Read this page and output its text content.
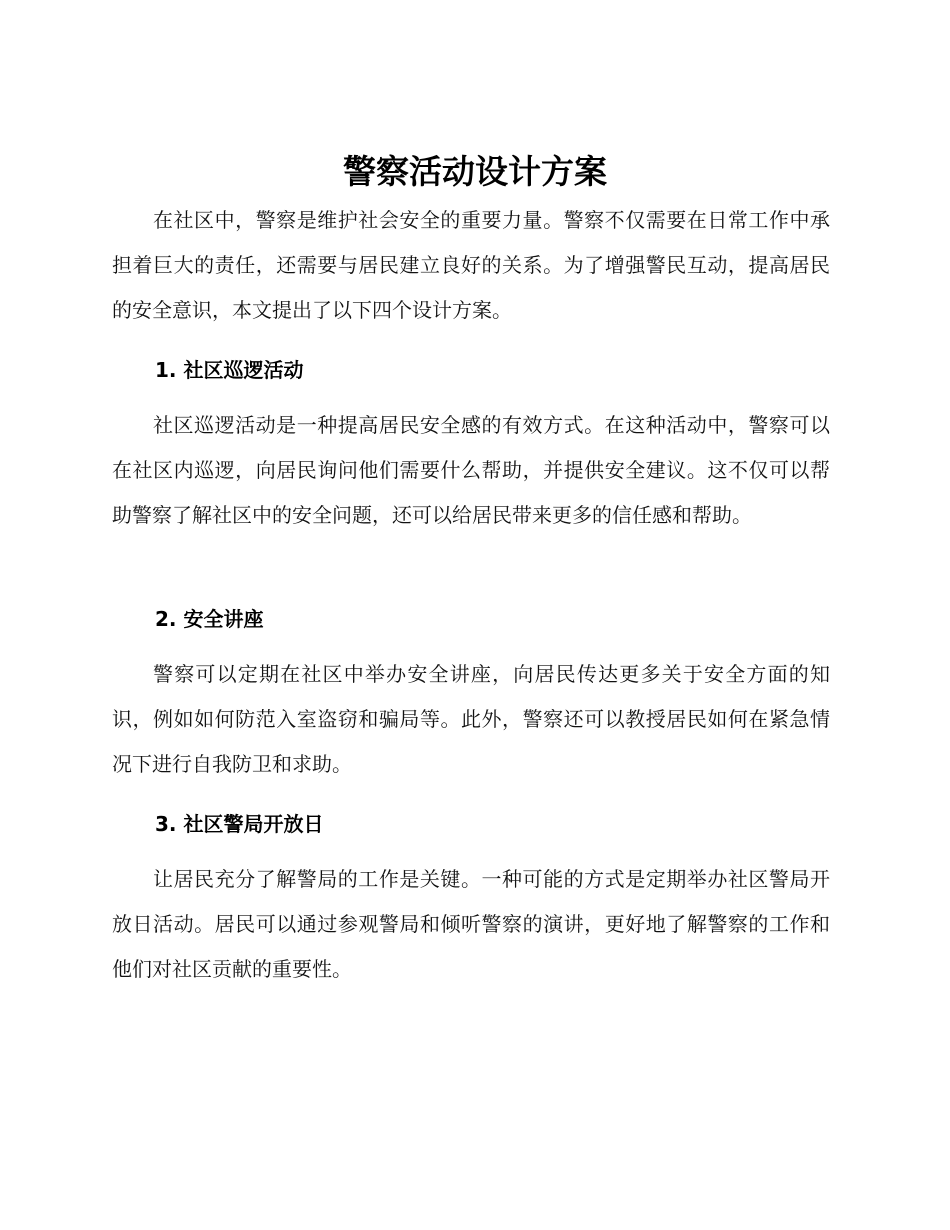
警察活动设计方案

在社区中，警察是维护社会安全的重要力量。警察不仅需要在日常工作中承担着巨大的责任，还需要与居民建立良好的关系。为了增强警民互动，提高居民的安全意识，本文提出了以下四个设计方案。

1. 社区巡逻活动

社区巡逻活动是一种提高居民安全感的有效方式。在这种活动中，警察可以在社区内巡逻，向居民询问他们需要什么帮助，并提供安全建议。这不仅可以帮助警察了解社区中的安全问题，还可以给居民带来更多的信任感和帮助。

2. 安全讲座

警察可以定期在社区中举办安全讲座，向居民传达更多关于安全方面的知识，例如如何防范入室盗窃和骗局等。此外，警察还可以教授居民如何在紧急情况下进行自我防卫和求助。

3. 社区警局开放日

让居民充分了解警局的工作是关键。一种可能的方式是定期举办社区警局开放日活动。居民可以通过参观警局和倾听警察的演讲，更好地了解警察的工作和他们对社区贡献的重要性。
